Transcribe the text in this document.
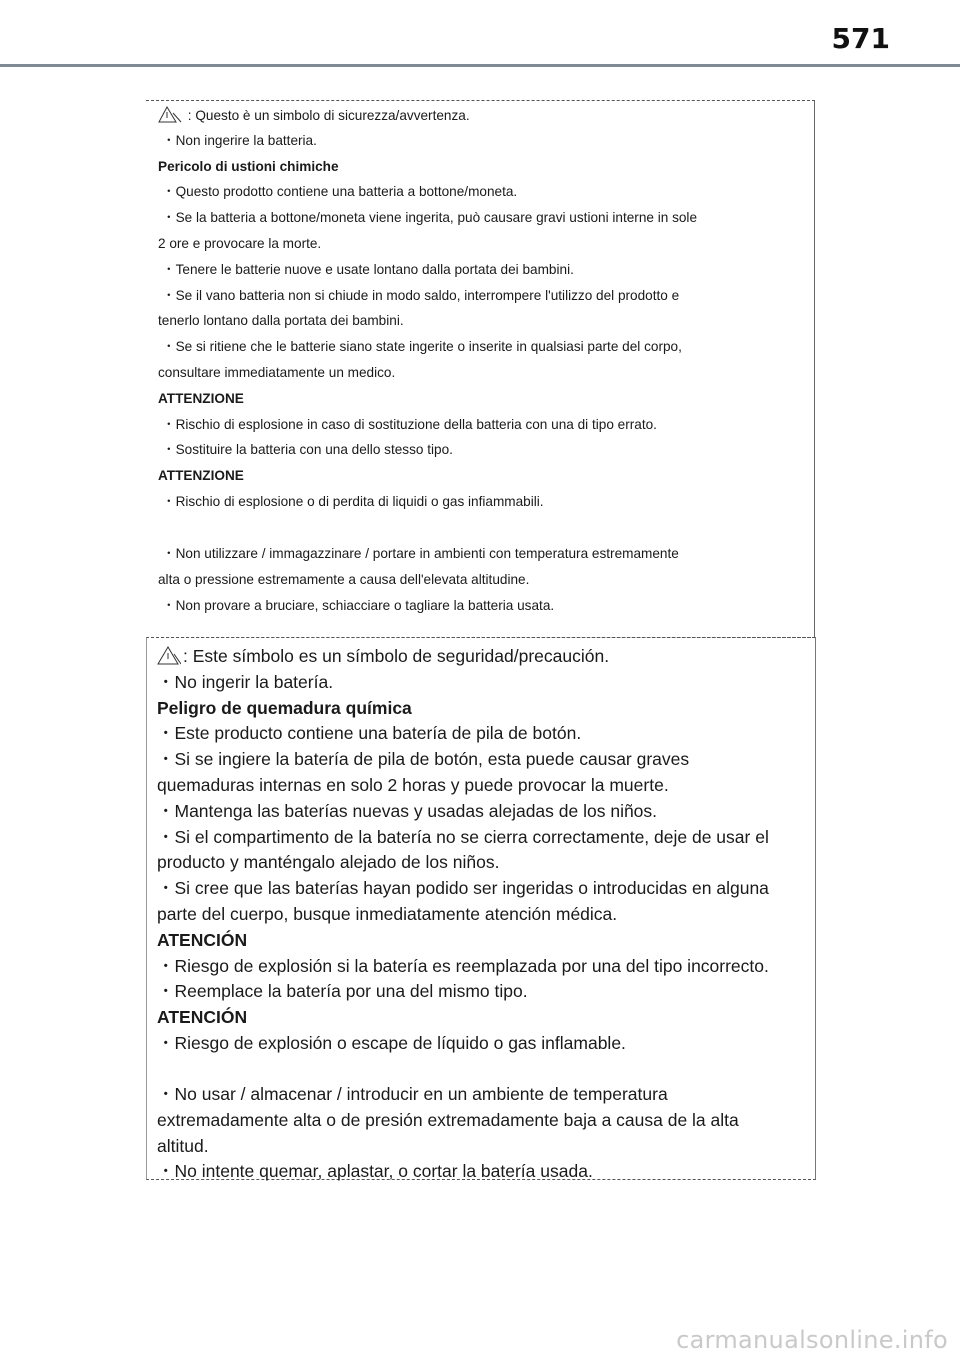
571
: Questo è un simbolo di sicurezza/avvertenza.
・Non ingerire la batteria.
Pericolo di ustioni chimiche
・Questo prodotto contiene una batteria a bottone/moneta.
・Se la batteria a bottone/moneta viene ingerita, può causare gravi ustioni interne in sole
2 ore e provocare la morte.
・Tenere le batterie nuove e usate lontano dalla portata dei bambini.
・Se il vano batteria non si chiude in modo saldo, interrompere l'utilizzo del prodotto e
tenerlo lontano dalla portata dei bambini.
・Se si ritiene che le batterie siano state ingerite o inserite in qualsiasi parte del corpo,
consultare immediatamente un medico.
ATTENZIONE
・Rischio di esplosione in caso di sostituzione della batteria con una di tipo errato.
・Sostituire la batteria con una dello stesso tipo.
ATTENZIONE
・Rischio di esplosione o di perdita di liquidi o gas infiammabili.
・Non utilizzare / immagazzinare / portare in ambienti con temperatura estremamente
alta o pressione estremamente a causa dell'elevata altitudine.
・Non provare a bruciare, schiacciare o tagliare la batteria usata.
: Este símbolo es un símbolo de seguridad/precaución.
・No ingerir la batería.
Peligro de quemadura química
・Este producto contiene una batería de pila de botón.
・Si se ingiere la batería de pila de botón, esta puede causar graves
quemaduras internas en solo 2 horas y puede provocar la muerte.
・Mantenga las baterías nuevas y usadas alejadas de los niños.
・Si el compartimento de la batería no se cierra correctamente, deje de usar el
producto y manténgalo alejado de los niños.
・Si cree que las baterías hayan podido ser ingeridas o introducidas en alguna
parte del cuerpo, busque inmediatamente atención médica.
ATENCIÓN
・Riesgo de explosión si la batería es reemplazada por una del tipo incorrecto.
・Reemplace la batería por una del mismo tipo.
ATENCIÓN
・Riesgo de explosión o escape de líquido o gas inflamable.
・No usar / almacenar / introducir en un ambiente de temperatura
extremadamente alta o de presión extremadamente baja a causa de la alta
altitud.
・No intente quemar, aplastar, o cortar la batería usada.
carmanualsonline.info
